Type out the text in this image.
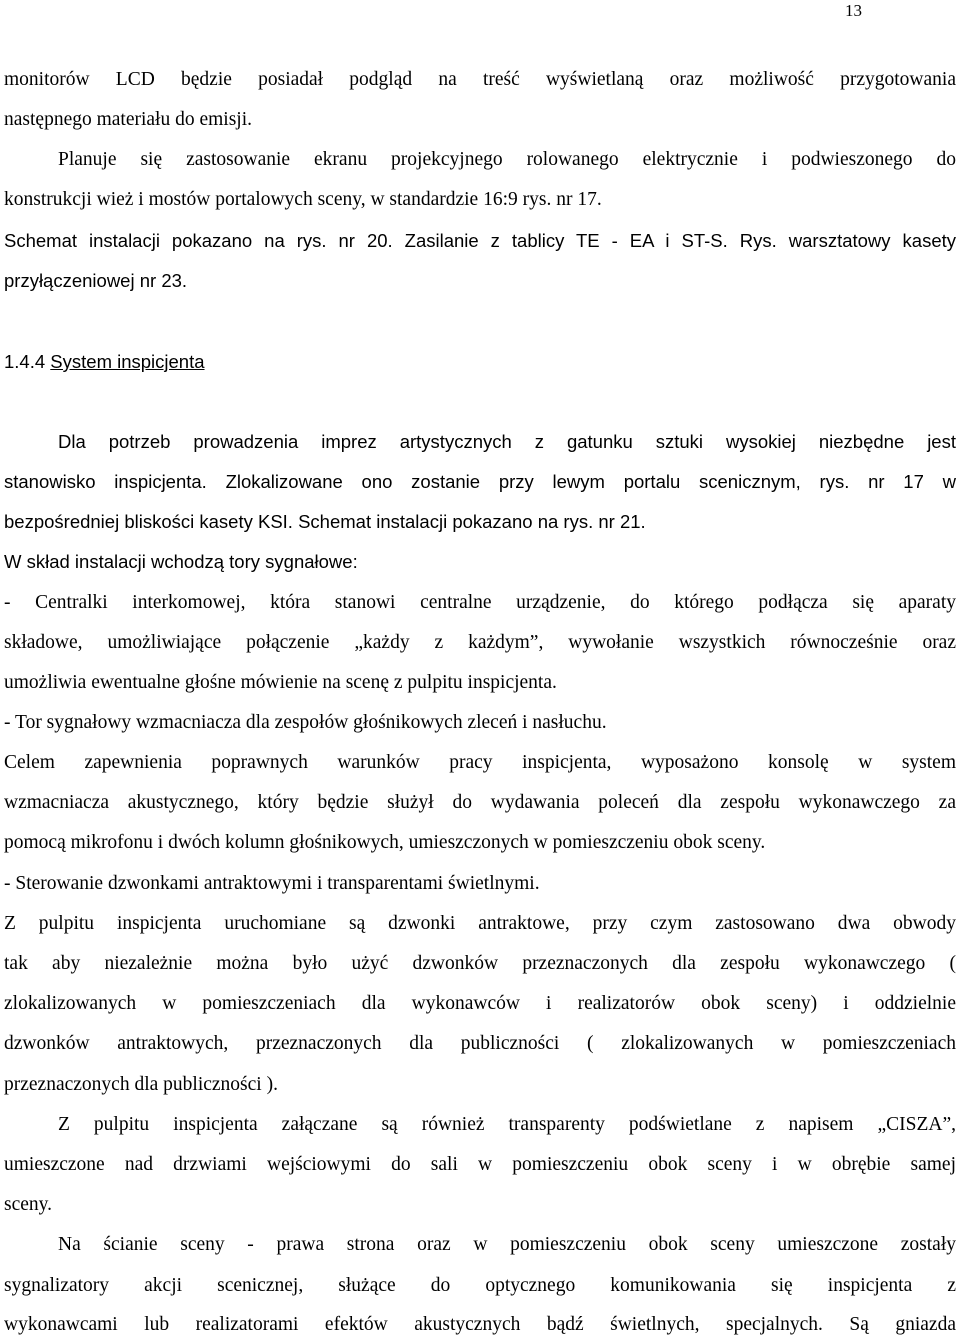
13
monitorów LCD będzie posiadał podgląd na treść wyświetlaną oraz możliwość przygotowania
następnego materiału do emisji.
Planuje się zastosowanie ekranu projekcyjnego rolowanego elektrycznie i podwieszonego do
konstrukcji wież i mostów portalowych sceny, w standardzie 16:9 rys. nr 17.
Schemat instalacji pokazano na rys. nr 20. Zasilanie z tablicy TE - EA i ST-S. Rys. warsztatowy kasety
przyłączeniowej nr 23.
1.4.4 System inspicjenta
Dla potrzeb prowadzenia imprez artystycznych z gatunku sztuki wysokiej niezbędne jest
stanowisko inspicjenta. Zlokalizowane ono zostanie przy lewym portalu scenicznym, rys. nr 17 w
bezpośredniej bliskości kasety KSI. Schemat instalacji pokazano na rys. nr 21.
W skład instalacji wchodzą tory sygnałowe:
- Centralki interkomowej, która stanowi centralne urządzenie, do którego podłącza się aparaty
składowe, umożliwiające połączenie „każdy z każdym”, wywołanie wszystkich równocześnie oraz
umożliwia ewentualne głośne mówienie na scenę z pulpitu inspicjenta.
- Tor sygnałowy wzmacniacza dla zespołów głośnikowych zleceń i nasłuchu.
Celem zapewnienia poprawnych warunków pracy inspicjenta, wyposażono konsolę w system
wzmacniacza akustycznego, który będzie służył do wydawania poleceń dla zespołu wykonawczego za
pomocą mikrofonu i dwóch kolumn głośnikowych, umieszczonych w pomieszczeniu obok sceny.
- Sterowanie dzwonkami antraktowymi i transparentami świetlnymi.
Z pulpitu inspicjenta uruchomiane są dzwonki antraktowe, przy czym zastosowano dwa obwody
tak aby niezależnie można było użyć dzwonków przeznaczonych dla zespołu wykonawczego (
zlokalizowanych w pomieszczeniach dla wykonawców i realizatorów obok sceny) i oddzielnie
dzwonków antraktowych, przeznaczonych dla publiczności ( zlokalizowanych w pomieszczeniach
przeznaczonych dla publiczności ).
Z pulpitu inspicjenta załączane są również transparenty podświetlane z napisem „CISZA”,
umieszczone nad drzwiami wejściowymi do sali w pomieszczeniu obok sceny i w obrębie samej
sceny.
Na ścianie sceny - prawa strona oraz w pomieszczeniu obok sceny umieszczone zostały
sygnalizatory akcji scenicznej, służące do optycznego komunikowania się inspicjenta z
wykonawcami lub realizatorami efektów akustycznych bądź świetlnych, specjalnych. Są gniazda
